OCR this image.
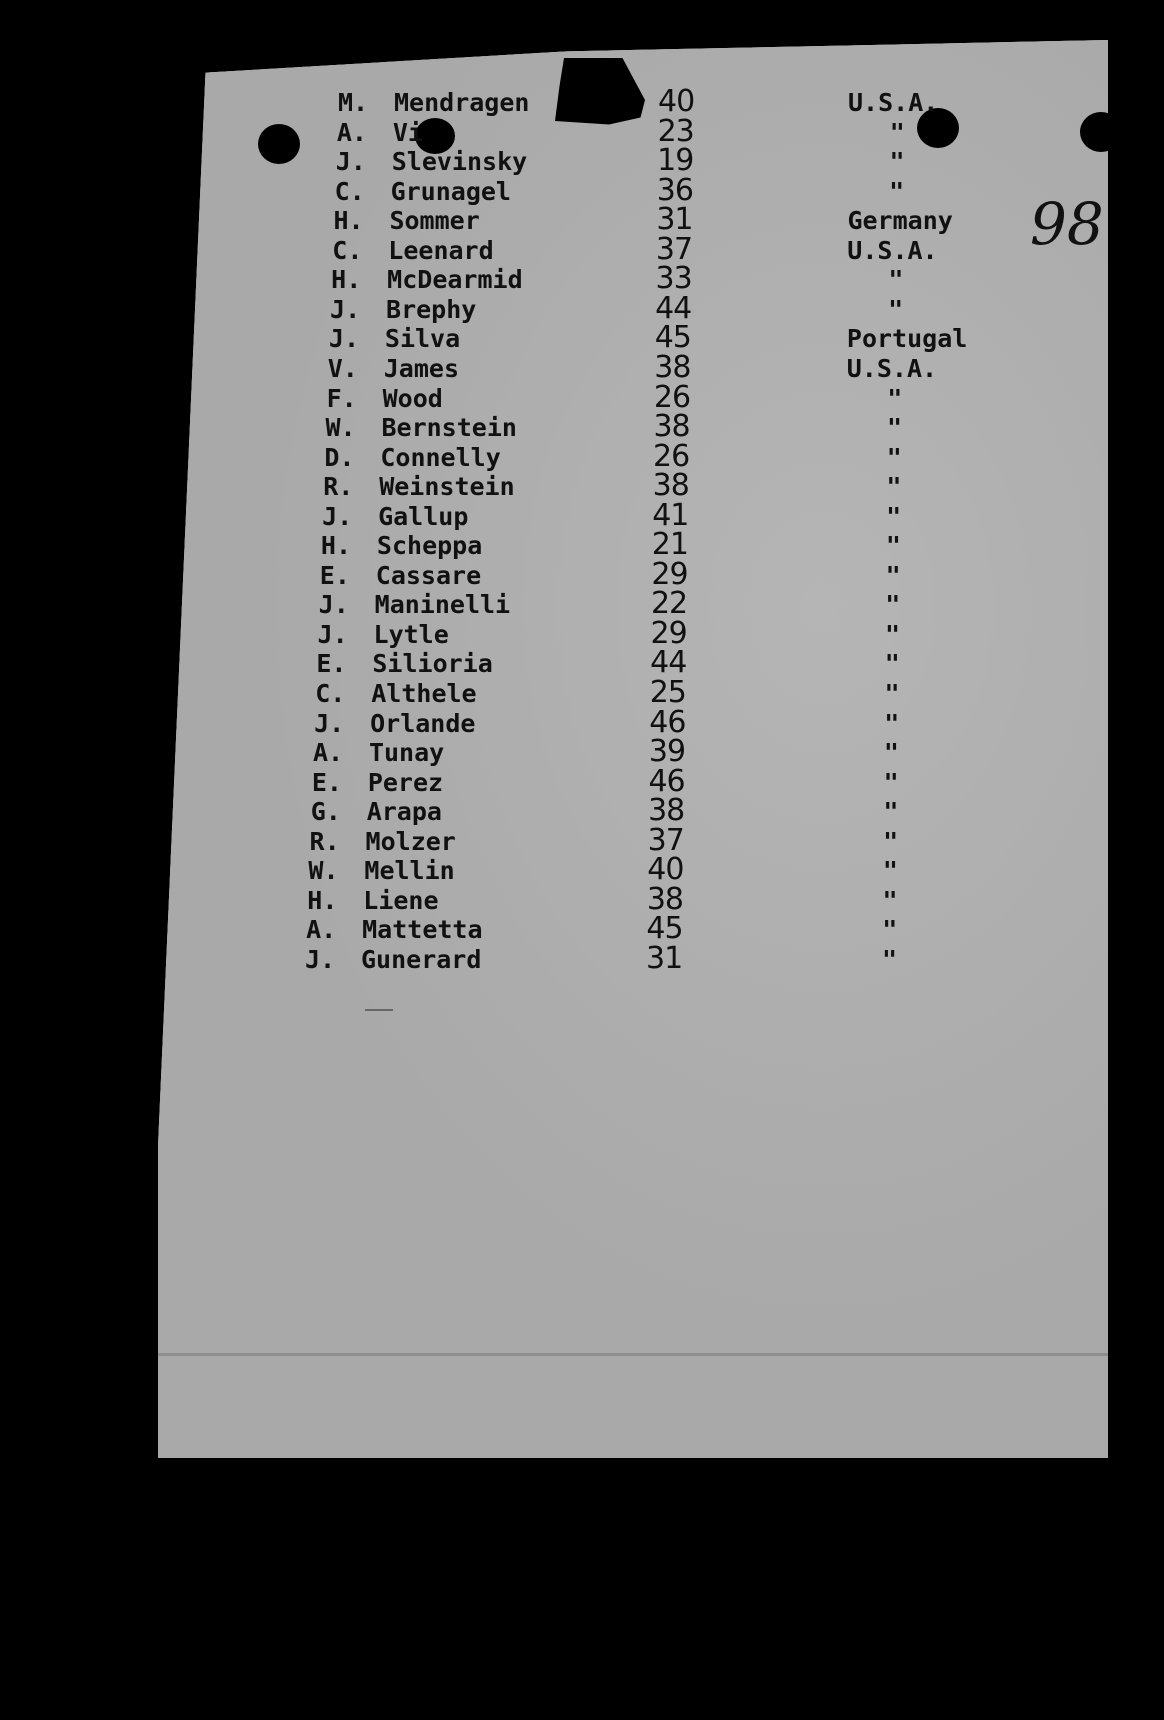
98
M.	Mendragen	40	U.S.A.
A.	Vi	23	"
J.	Slevinsky	19	"
C.	Grunagel	36	"
H.	Sommer	31	Germany
C.	Leenard	37	U.S.A.
H.	McDearmid	33	"
J.	Brephy	44	"
J.	Silva	45	Portugal
V.	James	38	U.S.A.
F.	Wood	26	"
W.	Bernstein	38	"
D.	Connelly	26	"
R.	Weinstein	38	"
J.	Gallup	41	"
H.	Scheppa	21	"
E.	Cassare	29	"
J.	Maninelli	22	"
J.	Lytle	29	"
E.	Silioria	44	"
C.	Althele	25	"
J.	Orlande	46	"
A.	Tunay	39	"
E.	Perez	46	"
G.	Arapa	38	"
R.	Molzer	37	"
W.	Mellin	40	"
H.	Liene	38	"
A.	Mattetta	45	"
J.	Gunerard	31	"
